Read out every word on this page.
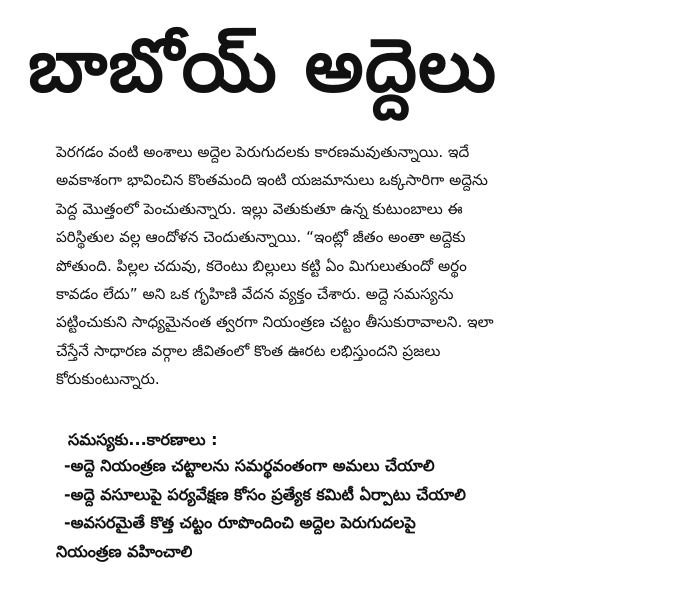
బాబోయ్ అద్దెలు

పెరగడం వంటి అంశాలు అద్దెల పెరుగుదలకు కారణమవుతున్నాయి. ఇదే

అవకాశంగా భావించిన కొంతమంది ఇంటి యజమానులు ఒక్కసారిగా అద్దెను

పెద్ద మొత్తంలో పెంచుతున్నారు. ఇల్లు వెతుకుతూ ఉన్న కుటుంబాలు ఈ

పరిస్థితుల వల్ల ఆందోళన చెందుతున్నాయి. “ఇంట్లో జీతం అంతా అద్దెకు

పోతుంది. పిల్లల చదువు, కరెంటు బిల్లులు కట్టి ఏం మిగులుతుందో అర్థం

కావడం లేదు” అని ఒక గృహిణి వేదన వ్యక్తం చేశారు. అద్దె సమస్యను

పట్టించుకుని సాధ్యమైనంత త్వరగా నియంత్రణ చట్టం తీసుకురావాలని. ఇలా

చేస్తేనే సాధారణ వర్గాల జీవితంలో కొంత ఊరట లభిస్తుందని ప్రజలు

కోరుకుంటున్నారు.

సమస్యకు...కారణాలు :

-అద్దె నియంత్రణ చట్టాలను సమర్థవంతంగా అమలు చేయాలి

-అద్దె వసూలుపై పర్యవేక్షణ కోసం ప్రత్యేక కమిటీ ఏర్పాటు చేయాలి

-అవసరమైతే కొత్త చట్టం రూపొందించి అద్దెల పెరుగుదలపై

నియంత్రణ వహించాలి
